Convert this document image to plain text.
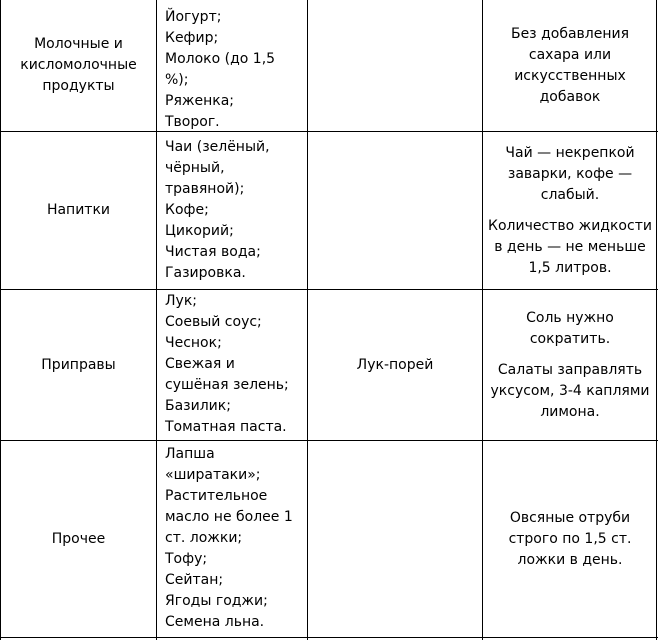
Молочные и кисломолочные продукты
Йогурт;
Кефир;
Молоко (до 1,5
%);
Ряженка;
Творог.

Без добавления сахара или искусственных добавок

Напитки
Чаи (зелёный,
чёрный,
травяной);
Кофе;
Цикорий;
Чистая вода;
Газировка.

Чай — некрепкой заварки, кофе — слабый.

Количество жидкости в день — не меньше 1,5 литров.

Приправы
Лук;
Соевый соус;
Чеснок;
Свежая и
сушёная зелень;
Базилик;
Томатная паста.

Лук-порей

Соль нужно сократить.

Салаты заправлять уксусом, 3-4 каплями лимона.

Прочее
Лапша
«ширатаки»;
Растительное
масло не более 1
ст. ложки;
Тофу;
Сейтан;
Ягоды годжи;
Семена льна.

Овсяные отруби строго по 1,5 ст. ложки в день.
